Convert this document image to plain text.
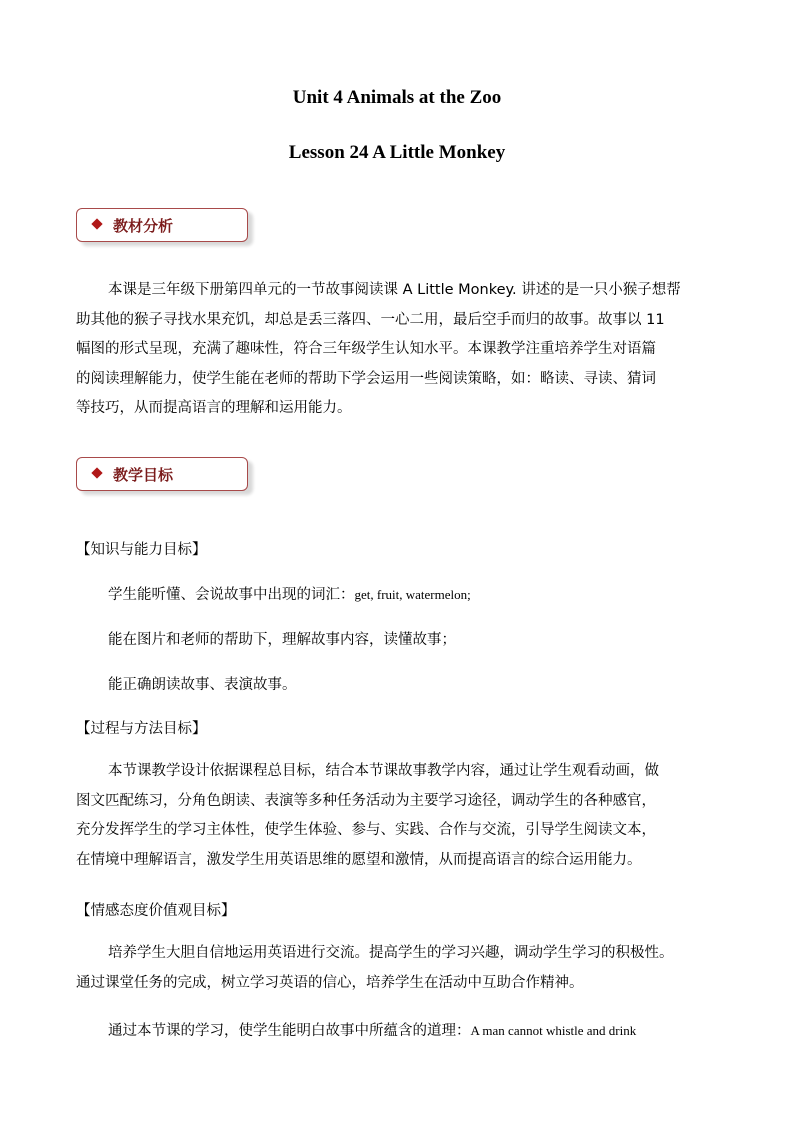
Unit 4 Animals at the Zoo
Lesson 24 A Little Monkey
教材分析
本课是三年级下册第四单元的一节故事阅读课 A Little Monkey. 讲述的是一只小猴子想帮
助其他的猴子寻找水果充饥，却总是丢三落四、一心二用，最后空手而归的故事。故事以 11
幅图的形式呈现，充满了趣味性，符合三年级学生认知水平。本课教学注重培养学生对语篇
的阅读理解能力，使学生能在老师的帮助下学会运用一些阅读策略，如：略读、寻读、猜词
等技巧，从而提高语言的理解和运用能力。
教学目标
【知识与能力目标】
学生能听懂、会说故事中出现的词汇：get, fruit, watermelon;
能在图片和老师的帮助下，理解故事内容，读懂故事；
能正确朗读故事、表演故事。
【过程与方法目标】
本节课教学设计依据课程总目标，结合本节课故事教学内容，通过让学生观看动画，做
图文匹配练习，分角色朗读、表演等多种任务活动为主要学习途径，调动学生的各种感官，
充分发挥学生的学习主体性，使学生体验、参与、实践、合作与交流，引导学生阅读文本，
在情境中理解语言，激发学生用英语思维的愿望和激情，从而提高语言的综合运用能力。
【情感态度价值观目标】
培养学生大胆自信地运用英语进行交流。提高学生的学习兴趣，调动学生学习的积极性。
通过课堂任务的完成，树立学习英语的信心，培养学生在活动中互助合作精神。
通过本节课的学习，使学生能明白故事中所蕴含的道理：A man cannot whistle and drink
